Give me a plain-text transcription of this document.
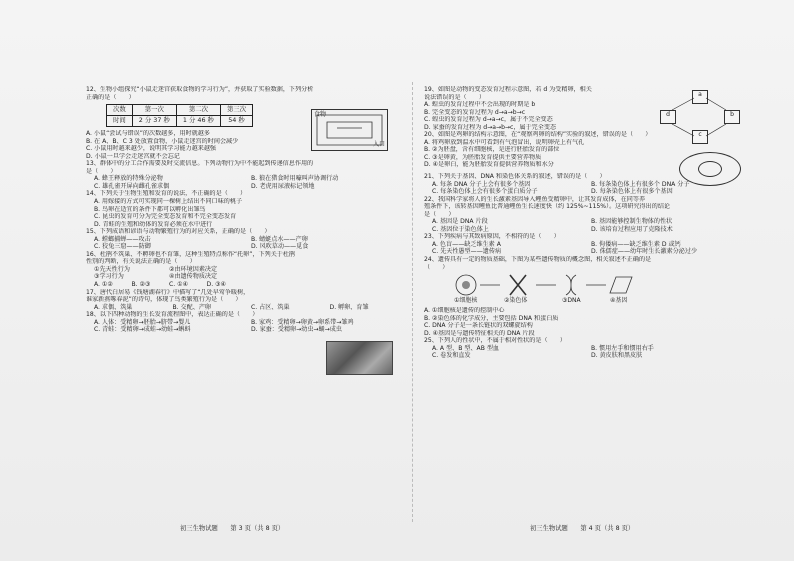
12、生物小组探究“小鼠走迷宫获取食物的学习行为”，并获取了实验数据，下列分析
正确的是（　　）
次数	第一次	第二次	第三次
时间	2 分 37 秒	1 分 46 秒	54 秒
食物
入口
A. 小鼠“尝试与错误”的次数越多，用时就越多
B. 在 A、B、C 3 处放置食物，小鼠走迷宫的时间会减少
C. 小鼠用时越来越少，说明其学习能力越来越强
D. 小鼠一旦学会走迷宫就不会忘记
13、群体中的分工合作需要及时交流信息。下列动物行为中不能起到传递信息作用的
是（　　）
A. 蜂王释放的特殊分泌物	B. 狼在猎食时用嚎叫声协调行动
C. 雄孔雀开屏向雌孔雀求偶	D. 老虎用尿液标记领地
14、下列关于生物生殖和发育的说法，不正确的是（　　）
A. 用嫁接的方式可实现同一棵树上结出不同口味的桃子
B. 鸟卵在适宜的条件下都可以孵化出雏鸟
C. 昆虫的发育可分为完全变态发育和不完全变态发育
D. 青蛙的生殖和幼体的发育必须在水中进行
15、下列成语和谚语与动物繁殖行为的对应关系，正确的是（　　）
A. 螳螂捕蝉——攻击	B. 蜻蜓点水——产卵
C. 狡兔三窟——防御	D. 风吹草动——觅食
16、杜鹃不筑巢、不孵卵也不育雏，这种生殖特点称作“托卵”，下列关于杜鹃
性别的判断，有关说法正确的是（　　）
①先天性行为	②由环境因素决定
③学习行为	④由遗传物质决定
A. ①②	B. ②③	C. ①④	D. ③④
17、唐代白居易《钱塘湖春行》中描写了“几处早莺争暖树，
谁家新燕啄春泥”的诗句，体现了鸟类繁殖行为是（　　）
A. 求偶、筑巢	B. 交配、产卵	C. 占区、筑巢	D. 孵卵、育雏
18、以下四种动物的生长发育流程图中，表达正确的是（　　）
A. 人体：受精卵→胚胎→脐带→婴儿	B. 家鸡：受精卵→卵黄→卵系带→雏鸡
C. 青蛙：受精卵→成蛙→幼蛙→蝌蚪	D. 家蚕：受精卵→幼虫→蛹→成虫
19、如图是动物的变态发育过程示意图，若 d 为受精卵，相关
说法错误的是（　　）
A. 蝗虫的发育过程中不会出现的时期是 b
B. 完全变态的发育过程为 d→a→b→c
C. 蝗虫的发育过程为 d→a→c，属于不完全变态
D. 家蚕的发育过程为 d→a→b→c，属于完全变态
a
b
c
d
20、如图是鸡卵的结构示意图，在“观察鸡卵的结构”实验的叙述，错误的是（　　）
A. 将鸡卵放到温水中可看到有气泡冒出，说明卵壳上有气孔
B. ②为胚盘，含有细胞核，是进行胚胎发育的部位
C. ③是卵黄，为胚胎发育提供主要营养物质
D. ④是卵白，能为胚胎发育提供营养物质和水分
21、下列关于基因、DNA 和染色体关系的叙述，错误的是（　　）
A. 每条 DNA 分子上会有很多个基因	B. 每条染色体上有很多个 DNA 分子
C. 每条染色体上会有很多个蛋白质分子	D. 每条染色体上有很多个基因
22、我国科学家将人的生长激素基因导入鲤鱼受精卵中，让其发育成体，在同等养
殖条件下，该转基因鲤鱼比普通鲤鱼生长速度快（约 125%~115%）。这项研究得出的结论
是（　　）
A. 基因是 DNA 片段	B. 基因能够控制生物体的性状
C. 基因位于染色体上	D. 该培育过程应用了克隆技术
23、下列疾病与其致病原因，不相符的是（　　）
A. 色盲——缺乏维生素 A	B. 佝偻病——缺乏维生素 D 或钙
C. 先天性愚型——遗传病	D. 侏儒症——幼年时生长激素分泌过少
24、遗传具有一定的物质基础，下图为某些遗传物质的概念图，相关叙述不正确的是
（　　）
①细胞核	②染色体	③DNA	④基因
A. ①细胞核是遗传的控制中心
B. ②染色体的化学成分，主要包括 DNA 和蛋白质
C. DNA 分子是一条长链状的双螺旋结构
D. ④基因是与遗传特征相关的 DNA 片段
25、下列人的性状中，不属于相对性状的是（　　）
A. A 型、B 型、AB 型血	B. 惯用左手和惯用右手
C. 卷发和直发	D. 黄皮肤和黑皮肤
初三生物试题　　第 3 页（共 8 页）	初三生物试题　　第 4 页（共 8 页）
